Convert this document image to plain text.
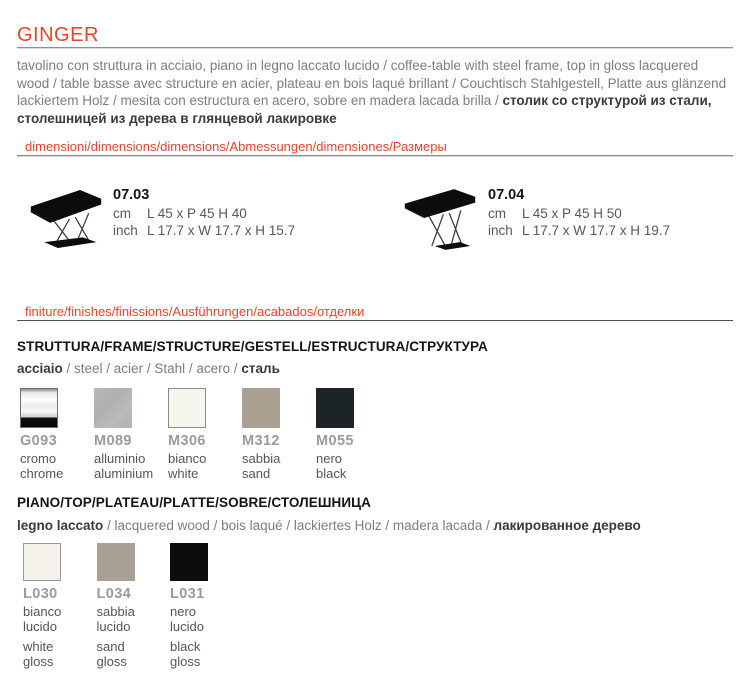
GINGER

tavolino con struttura in acciaio, piano in legno laccato lucido / coffee-table with steel frame, top in gloss lacquered wood / table basse avec structure en acier, plateau en bois laqué brillant / Couchtisch Stahlgestell, Platte aus glänzend lackiertem Holz / mesita con estructura en acero, sobre en madera lacada brilla / столик со структурой из стали, столешницей из дерева в глянцевой лакировке

dimensioni/dimensions/dimensions/Abmessungen/dimensiones/Размеры
07.03
cm L 45 x P 45 H 40
inch L 17.7 x W 17.7 x H 15.7
07.04
cm L 45 x P 45 H 50
inch L 17.7 x W 17.7 x H 19.7
finiture/finishes/finissions/Ausführungen/acabados/отделки
STRUTTURA/FRAME/STRUCTURE/GESTELL/ESTRUCTURA/СТРУКТУРА

acciaio / steel / acier / Stahl / acero / сталь

G093
cromo
chrome
M089
alluminio
aluminium
M306
bianco
white
M312
sabbia
sand
M055
nero
black
PIANO/TOP/PLATEAU/PLATTE/SOBRE/СТОЛЕШНИЦА

legno laccato / lacquered wood / bois laqué / lackiertes Holz / madera lacada / лакированное дерево

L030
bianco
lucido
white
gloss
L034
sabbia
lucido
sand
gloss
L031
nero
lucido
black
gloss
